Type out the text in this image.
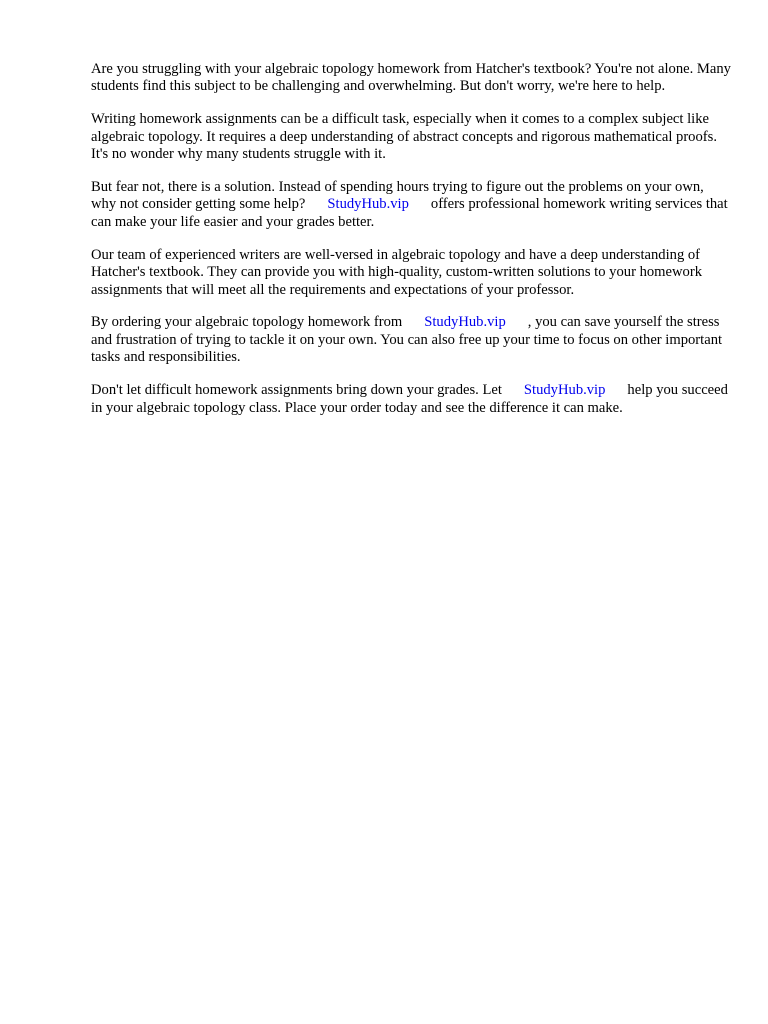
Are you struggling with your algebraic topology homework from Hatcher's textbook? You're not alone. Many students find this subject to be challenging and overwhelming. But don't worry, we're here to help.

Writing homework assignments can be a difficult task, especially when it comes to a complex subject like algebraic topology. It requires a deep understanding of abstract concepts and rigorous mathematical proofs. It's no wonder why many students struggle with it.

But fear not, there is a solution. Instead of spending hours trying to figure out the problems on your own, why not consider getting some help? StudyHub.vip offers professional homework writing services that can make your life easier and your grades better.

Our team of experienced writers are well-versed in algebraic topology and have a deep understanding of Hatcher's textbook. They can provide you with high-quality, custom-written solutions to your homework assignments that will meet all the requirements and expectations of your professor.

By ordering your algebraic topology homework from StudyHub.vip , you can save yourself the stress and frustration of trying to tackle it on your own. You can also free up your time to focus on other important tasks and responsibilities.

Don't let difficult homework assignments bring down your grades. Let StudyHub.vip help you succeed in your algebraic topology class. Place your order today and see the difference it can make.
